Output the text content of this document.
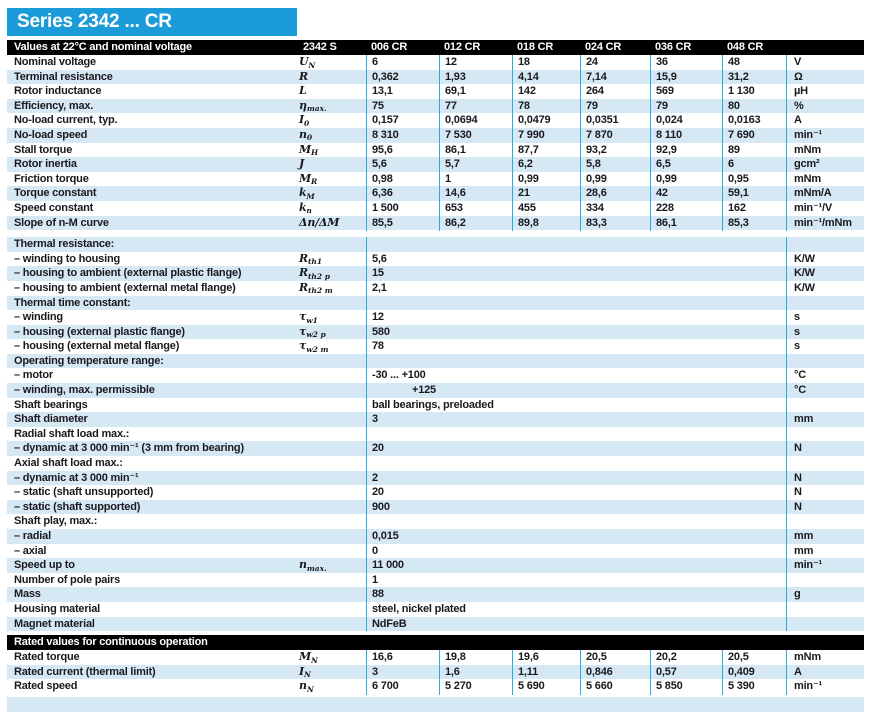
Series 2342 ... CR
Values at 22°C and nominal voltage	2342 S	006 CR	012 CR	018 CR	024 CR	036 CR	048 CR
Nominal voltage	$U_N$	6	12	18	24	36	48	V
Terminal resistance	R	0,362	1,93	4,14	7,14	15,9	31,2	Ω
Rotor inductance	L	13,1	69,1	142	264	569	1 130	µH
Efficiency, max.	$\eta_{max.}$	75	77	78	79	79	80	%
No-load current, typ.	$I_0$	0,157	0,0694	0,0479	0,0351	0,024	0,0163	A
No-load speed	$n_0$	8 310	7 530	7 990	7 870	8 110	7 690	min⁻¹
Stall torque	$M_H$	95,6	86,1	87,7	93,2	92,9	89	mNm
Rotor inertia	J	5,6	5,7	6,2	5,8	6,5	6	gcm²
Friction torque	$M_R$	0,98	1	0,99	0,99	0,99	0,95	mNm
Torque constant	$k_M$	6,36	14,6	21	28,6	42	59,1	mNm/A
Speed constant	$k_n$	1 500	653	455	334	228	162	min⁻¹/V
Slope of n-M curve	Δn/ΔM	85,5	86,2	89,8	83,3	86,1	85,3	min⁻¹/mNm
Thermal resistance:
– winding to housing	$R_{th1}$	5,6	K/W
– housing to ambient (external plastic flange)	$R_{th2 p}$	15	K/W
– housing to ambient (external metal flange)	$R_{th2 m}$	2,1	K/W
Thermal time constant:
– winding	$\tau_{w1}$	12	s
– housing (external plastic flange)	$\tau_{w2 p}$	580	s
– housing (external metal flange)	$\tau_{w2 m}$	78	s
Operating temperature range:
– motor	-30 ... +100	°C
– winding, max. permissible	+125	°C
Shaft bearings	ball bearings, preloaded
Shaft diameter	3	mm
Radial shaft load max.:
– dynamic at 3 000 min⁻¹ (3 mm from bearing)	20	N
Axial shaft load max.:
– dynamic at 3 000 min⁻¹	2	N
– static (shaft unsupported)	20	N
– static (shaft supported)	900	N
Shaft play, max.:
– radial	0,015	mm
– axial	0	mm
Speed up to	$n_{max.}$	11 000	min⁻¹
Number of pole pairs	1
Mass	88	g
Housing material	steel, nickel plated
Magnet material	NdFeB
Rated values for continuous operation
Rated torque	$M_N$	16,6	19,8	19,6	20,5	20,2	20,5	mNm
Rated current (thermal limit)	$I_N$	3	1,6	1,11	0,846	0,57	0,409	A
Rated speed	$n_N$	6 700	5 270	5 690	5 660	5 850	5 390	min⁻¹
